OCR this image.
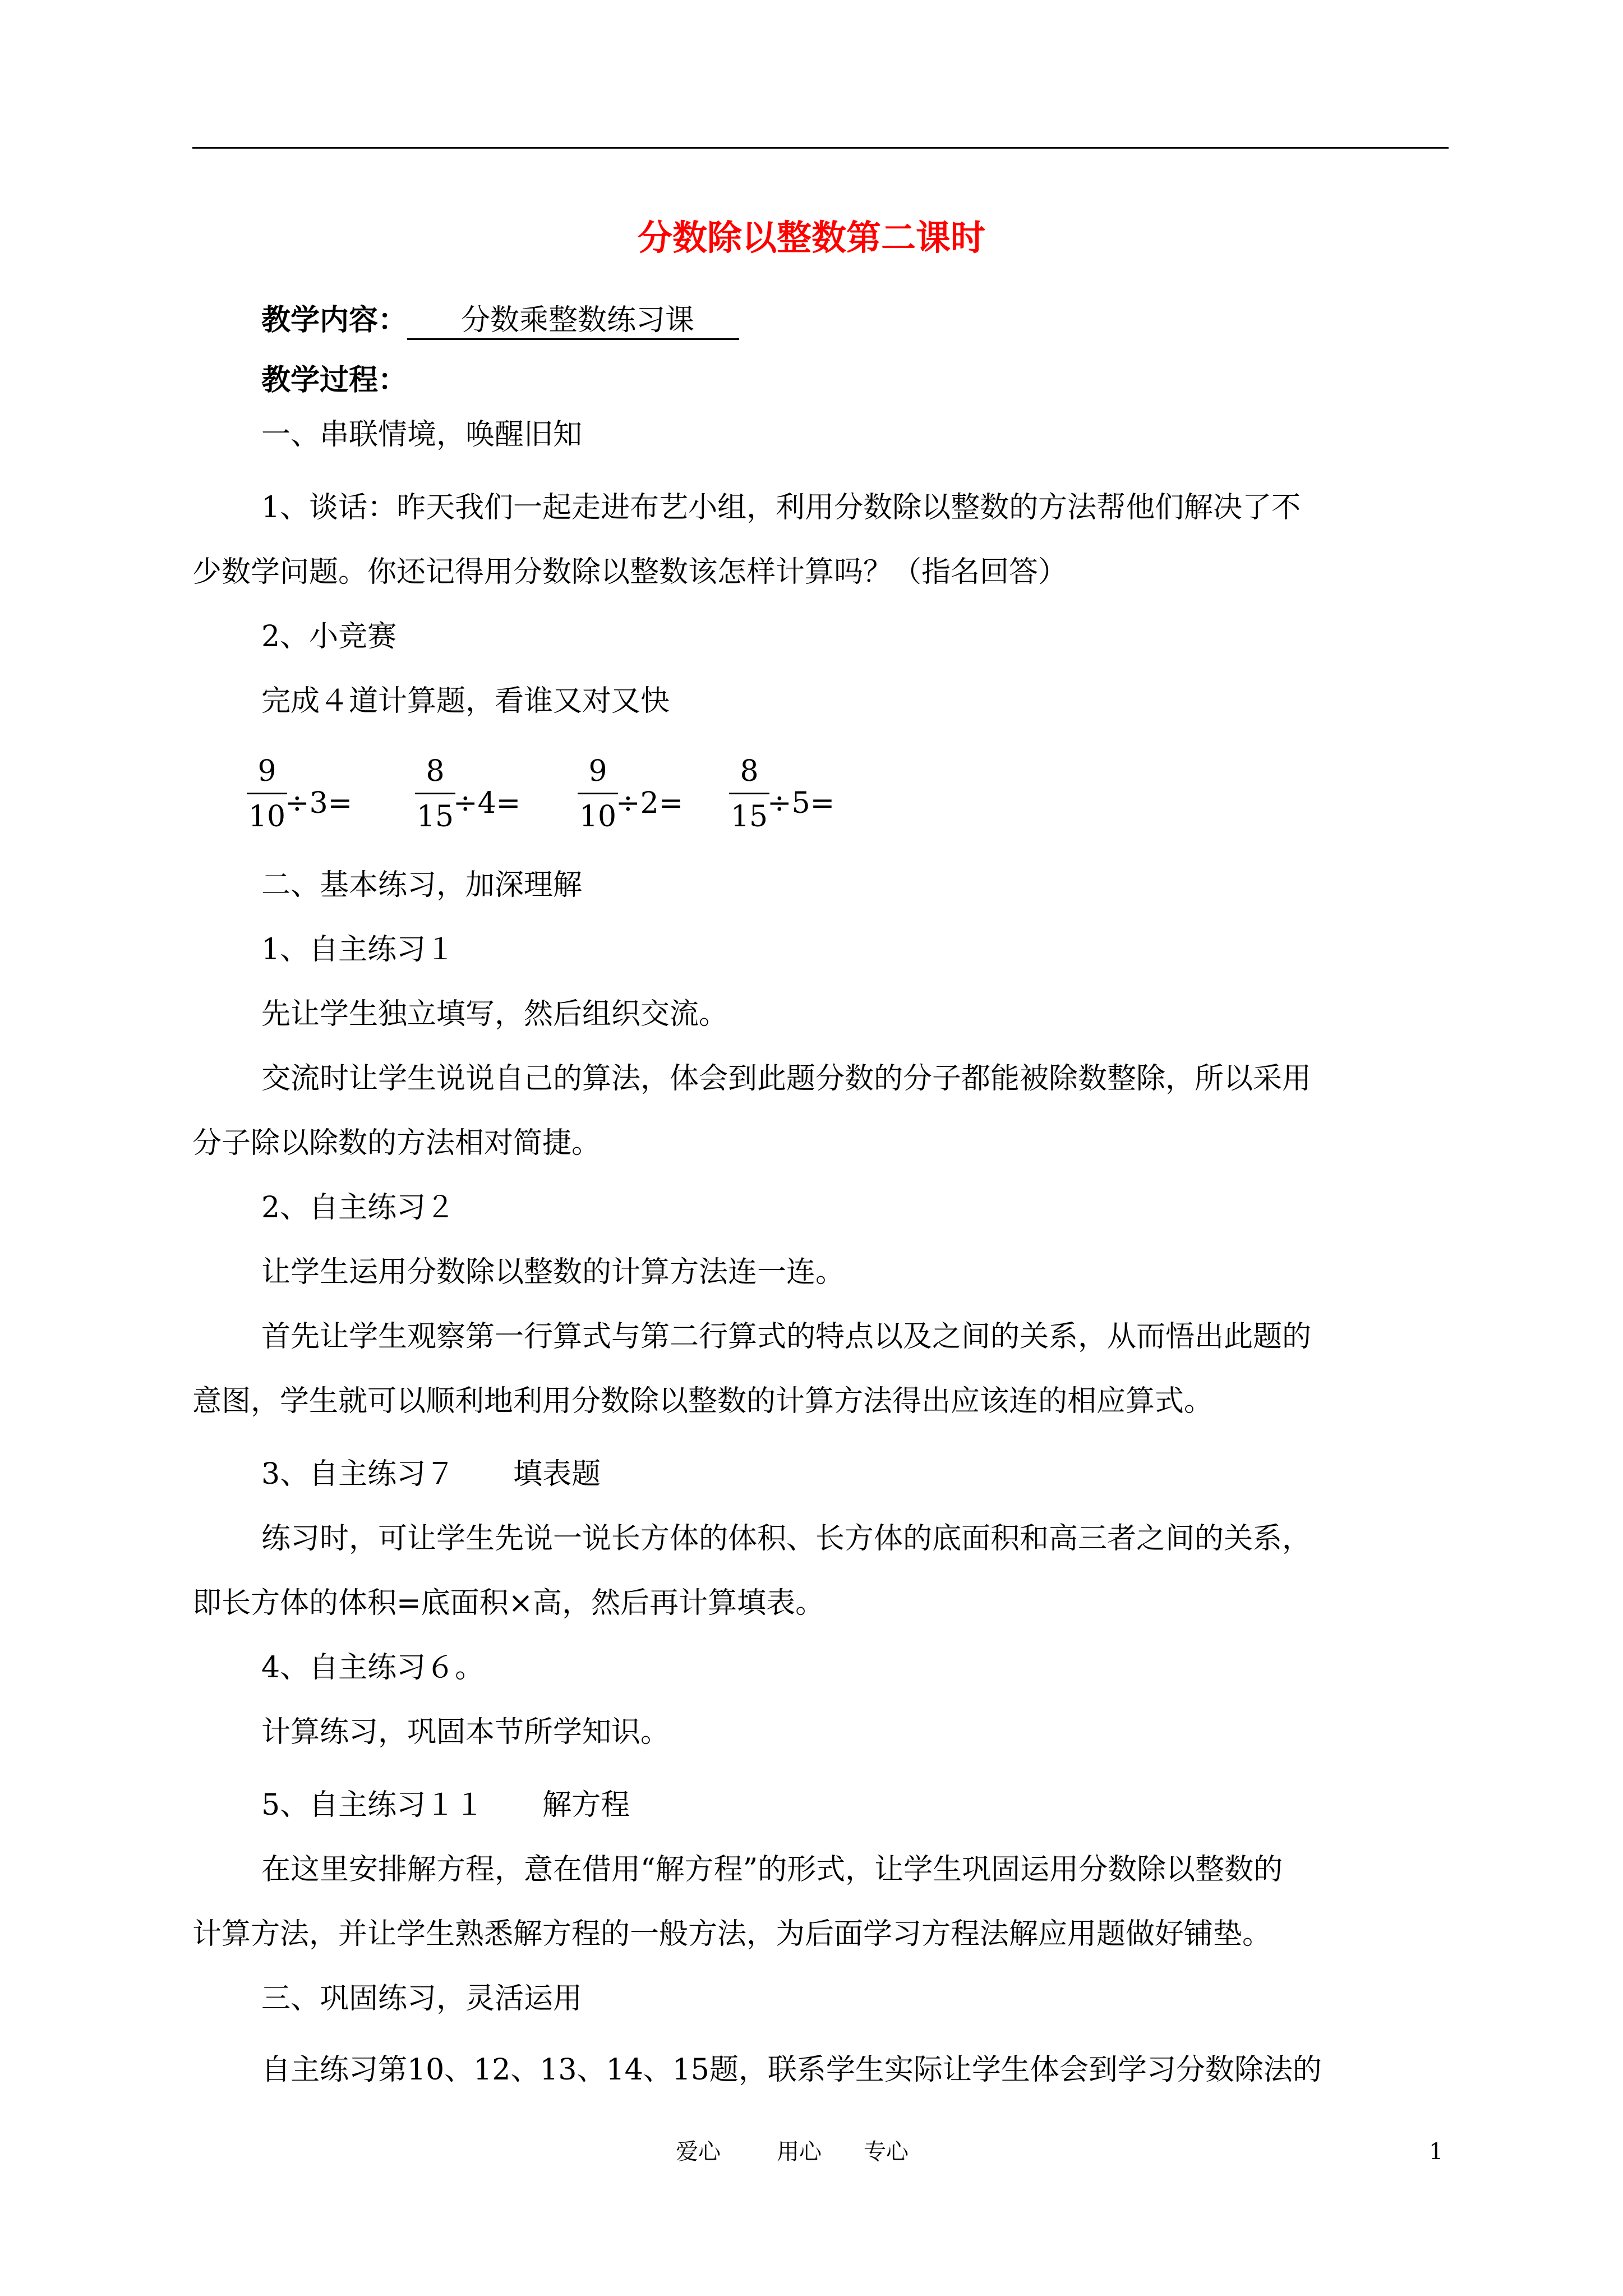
分数除以整数第二课时
教学内容： 分数乘整数练习课
教学过程：
一、串联情境，唤醒旧知
1、谈话：昨天我们一起走进布艺小组，利用分数除以整数的方法帮他们解决了不
少数学问题。你还记得用分数除以整数该怎样计算吗？（指名回答）
2、小竞赛
完成４道计算题，看谁又对又快
9
10
÷3=
8
15
÷4=
9
10
÷2=
8
15
÷5=
二、基本练习，加深理解
1、自主练习１
先让学生独立填写，然后组织交流。
交流时让学生说说自己的算法，体会到此题分数的分子都能被除数整除，所以采用
分子除以除数的方法相对简捷。
2、自主练习２
让学生运用分数除以整数的计算方法连一连。
首先让学生观察第一行算式与第二行算式的特点以及之间的关系，从而悟出此题的
意图，学生就可以顺利地利用分数除以整数的计算方法得出应该连的相应算式。
3、自主练习７　　填表题
练习时，可让学生先说一说长方体的体积、长方体的底面积和高三者之间的关系，
即长方体的体积=底面积×高，然后再计算填表。
4、自主练习６。
计算练习，巩固本节所学知识。
5、自主练习１１　　解方程
在这里安排解方程，意在借用“解方程”的形式，让学生巩固运用分数除以整数的
计算方法，并让学生熟悉解方程的一般方法，为后面学习方程法解应用题做好铺垫。
三、巩固练习，灵活运用
自主练习第10、12、13、14、15题，联系学生实际让学生体会到学习分数除法的
爱心	用心 专心	1
